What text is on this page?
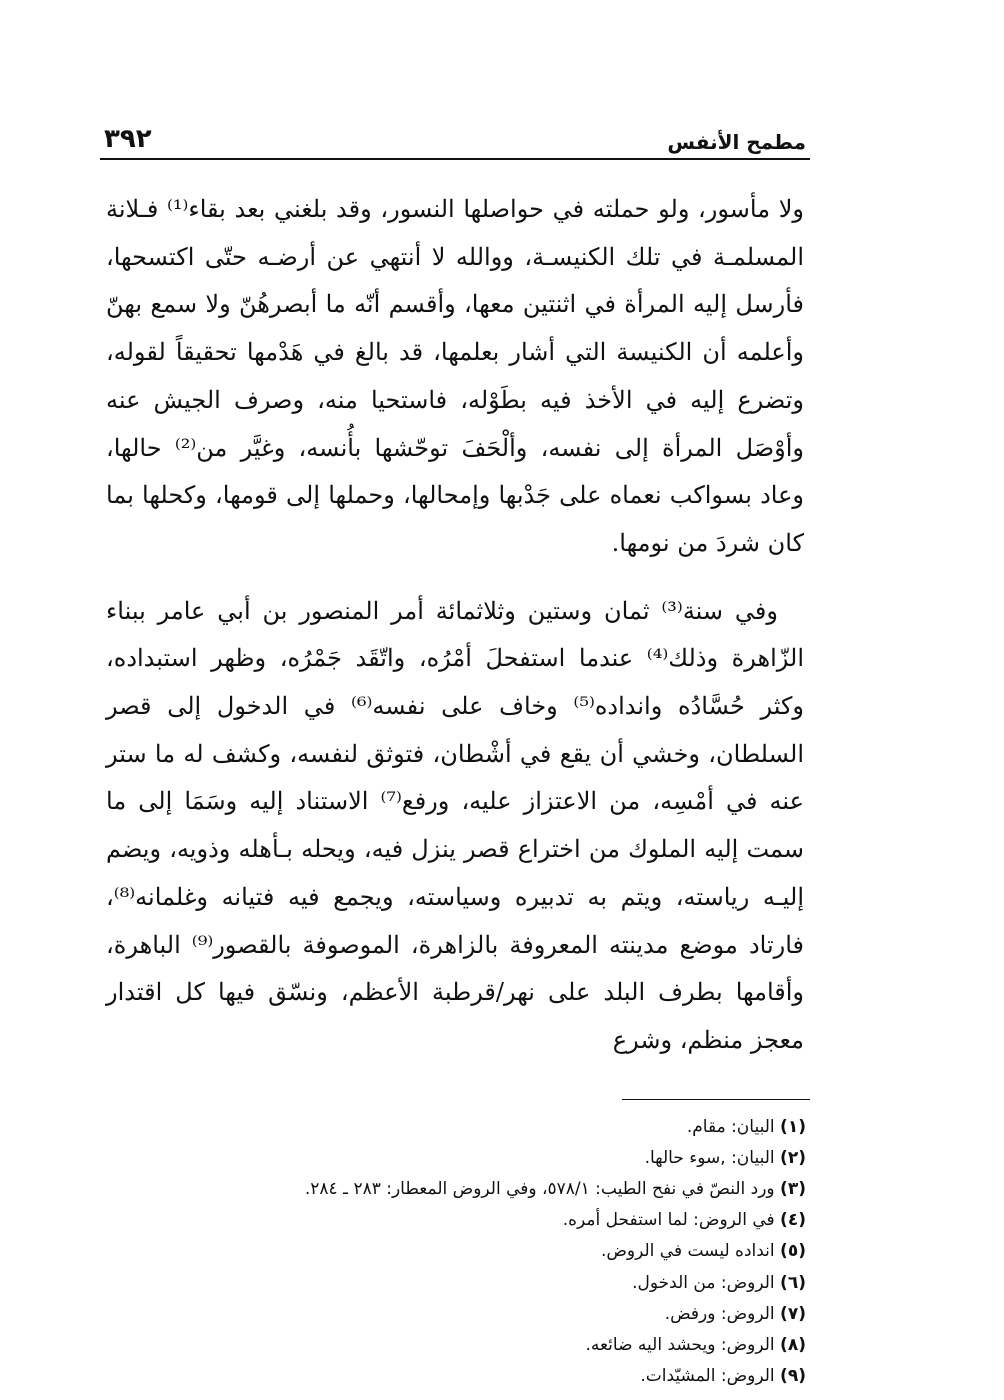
مطمح الأنفس
٣٩٢

ولا مأسور، ولو حملته في حواصلها النسور، وقد بلغني بعد بقاء⁽¹⁾ فـلانة المسلمـة في تلك الكنيسـة، ووالله لا أنتهي عن أرضـه حتّى اكتسحها، فأرسل إليه المرأة في اثنتين معها، وأقسم أنّه ما أبصرهُنّ ولا سمع بهنّ وأعلمه أن الكنيسة التي أشار بعلمها، قد بالغ في هَدْمها تحقيقاً لقوله، وتضرع إليه في الأخذ فيه بطَوْله، فاستحيا منه، وصرف الجيش عنه وأوْصَل المرأة إلى نفسه، وألْحَفَ توحّشها بأُنسه، وغيَّر من⁽²⁾ حالها، وعاد بسواكب نعماه على جَدْبها وإمحالها، وحملها إلى قومها، وكحلها بما كان شردَ من نومها.

وفي سنة⁽³⁾ ثمان وستين وثلاثمائة أمر المنصور بن أبي عامر ببناء الزّاهرة وذلك⁽⁴⁾ عندما استفحلَ أمْرُه، واتّقَد جَمْرُه، وظهر استبداده، وكثر حُسَّادُه وانداده⁽⁵⁾ وخاف على نفسه⁽⁶⁾ في الدخول إلى قصر السلطان، وخشي أن يقع في أشْطان، فتوثق لنفسه، وكشف له ما ستر عنه في أمْسِه، من الاعتزاز عليه، ورفع⁽⁷⁾ الاستناد إليه وسَمَا إلى ما سمت إليه الملوك من اختراع قصر ينزل فيه، ويحله بـأهله وذويه، ويضم إليـه رياسته، ويتم به تدبيره وسياسته، ويجمع فيه فتيانه وغلمانه⁽⁸⁾، فارتاد موضع مدينته المعروفة بالزاهرة، الموصوفة بالقصور⁽⁹⁾ الباهرة، وأقامها بطرف البلد على نهر/قرطبة الأعظم، ونسّق فيها كل اقتدار معجز منظم، وشرع

(١) البيان: مقام.
(٢) البيان: ,سوء حالها.
(٣) ورد النصّ في نفح الطيب: ٥٧٨/١، وفي الروض المعطار: ٢٨٣ ـ ٢٨٤.
(٤) في الروض: لما استفحل أمره.
(٥) انداده ليست في الروض.
(٦) الروض: من الدخول.
(٧) الروض: ورفض.
(٨) الروض: ويحشد اليه ضائعه.
(٩) الروض: المشيّدات.
